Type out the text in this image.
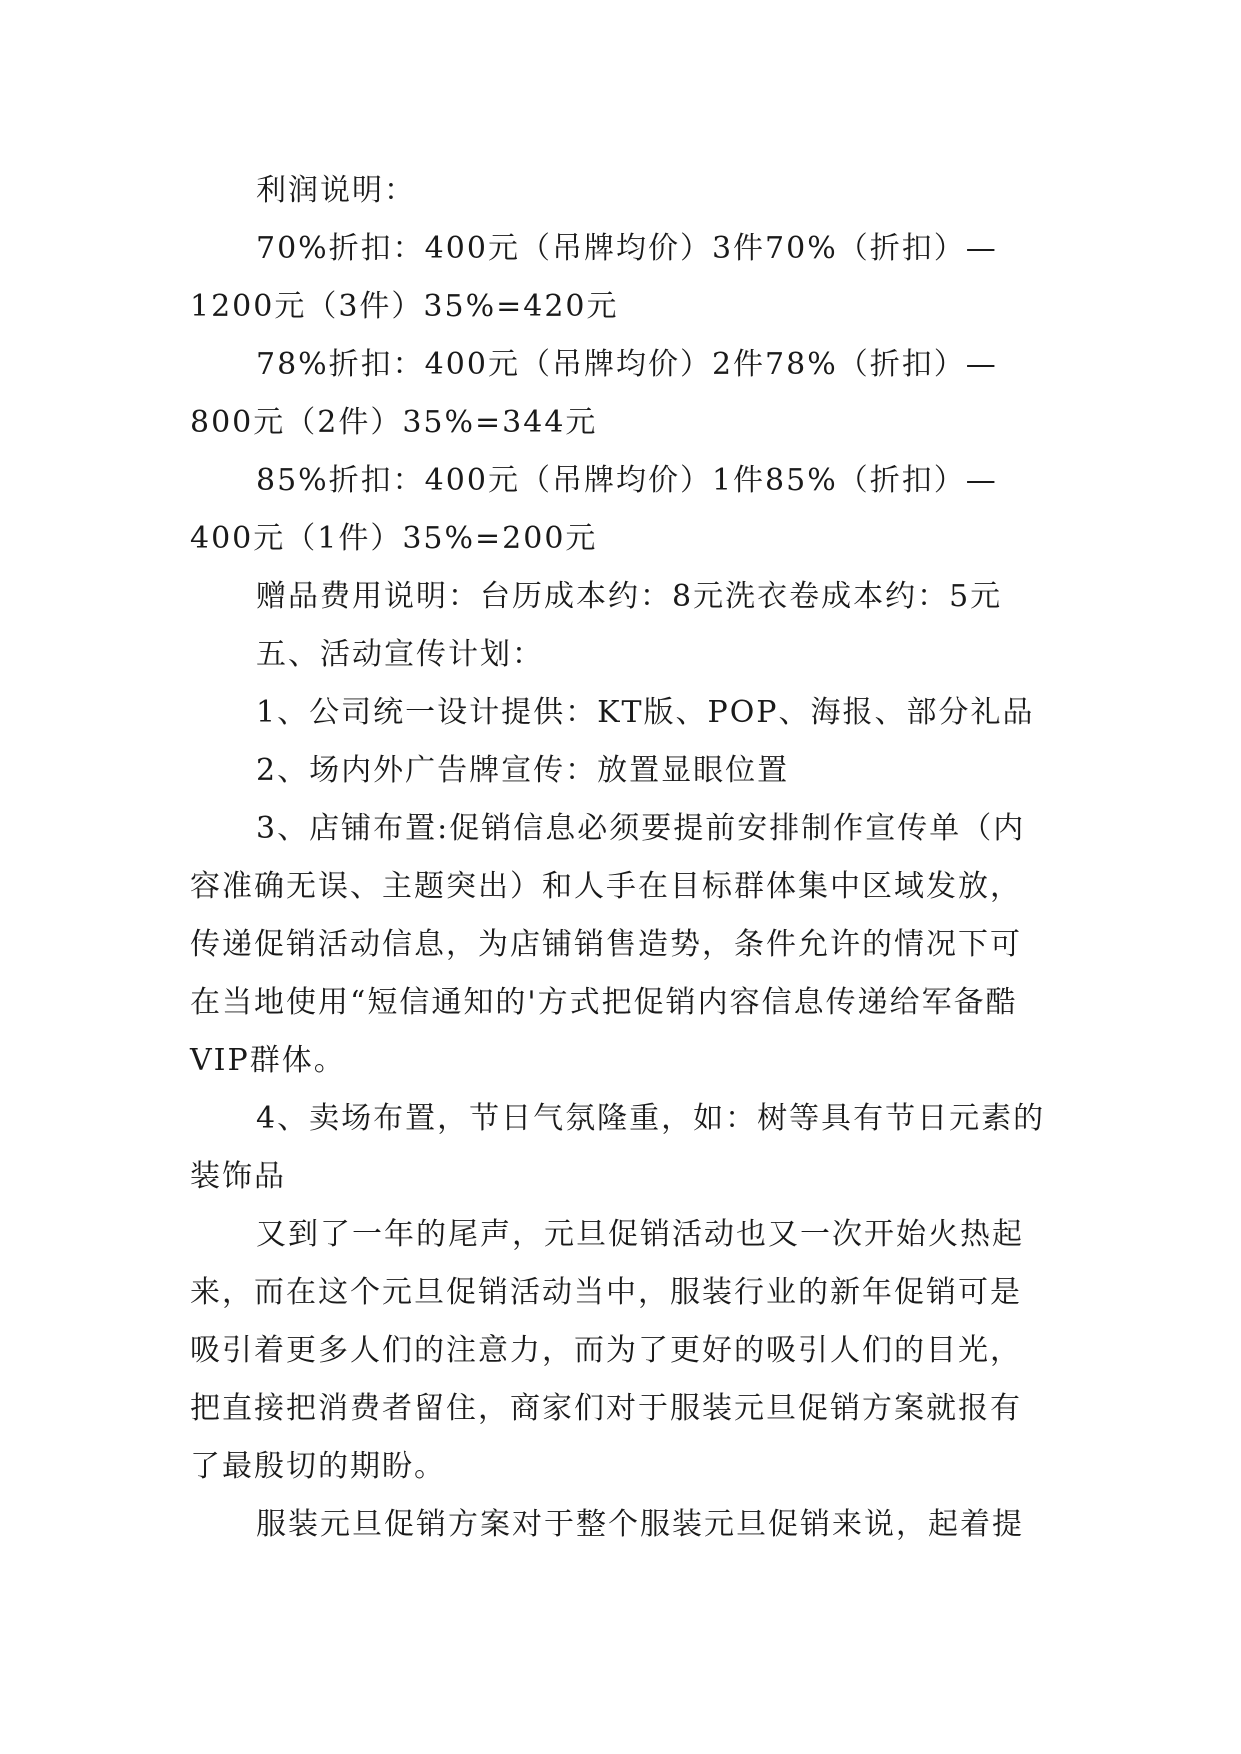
利润说明：

70%折扣：400元（吊牌均价）3件70%（折扣）—1200元（3件）35%=420元

78%折扣：400元（吊牌均价）2件78%（折扣）—800元（2件）35%=344元

85%折扣：400元（吊牌均价）1件85%（折扣）—400元（1件）35%=200元

赠品费用说明：台历成本约：8元洗衣卷成本约：5元

五、活动宣传计划：

1、公司统一设计提供：KT版、POP、海报、部分礼品

2、场内外广告牌宣传：放置显眼位置

3、店铺布置:促销信息必须要提前安排制作宣传单（内容准确无误、主题突出）和人手在目标群体集中区域发放，传递促销活动信息，为店铺销售造势，条件允许的情况下可在当地使用“短信通知的'方式把促销内容信息传递给军备酷VIP群体。

4、卖场布置，节日气氛隆重，如：树等具有节日元素的装饰品

又到了一年的尾声，元旦促销活动也又一次开始火热起来，而在这个元旦促销活动当中，服装行业的新年促销可是吸引着更多人们的注意力，而为了更好的吸引人们的目光，把直接把消费者留住，商家们对于服装元旦促销方案就报有了最殷切的期盼。

服装元旦促销方案对于整个服装元旦促销来说，起着提
